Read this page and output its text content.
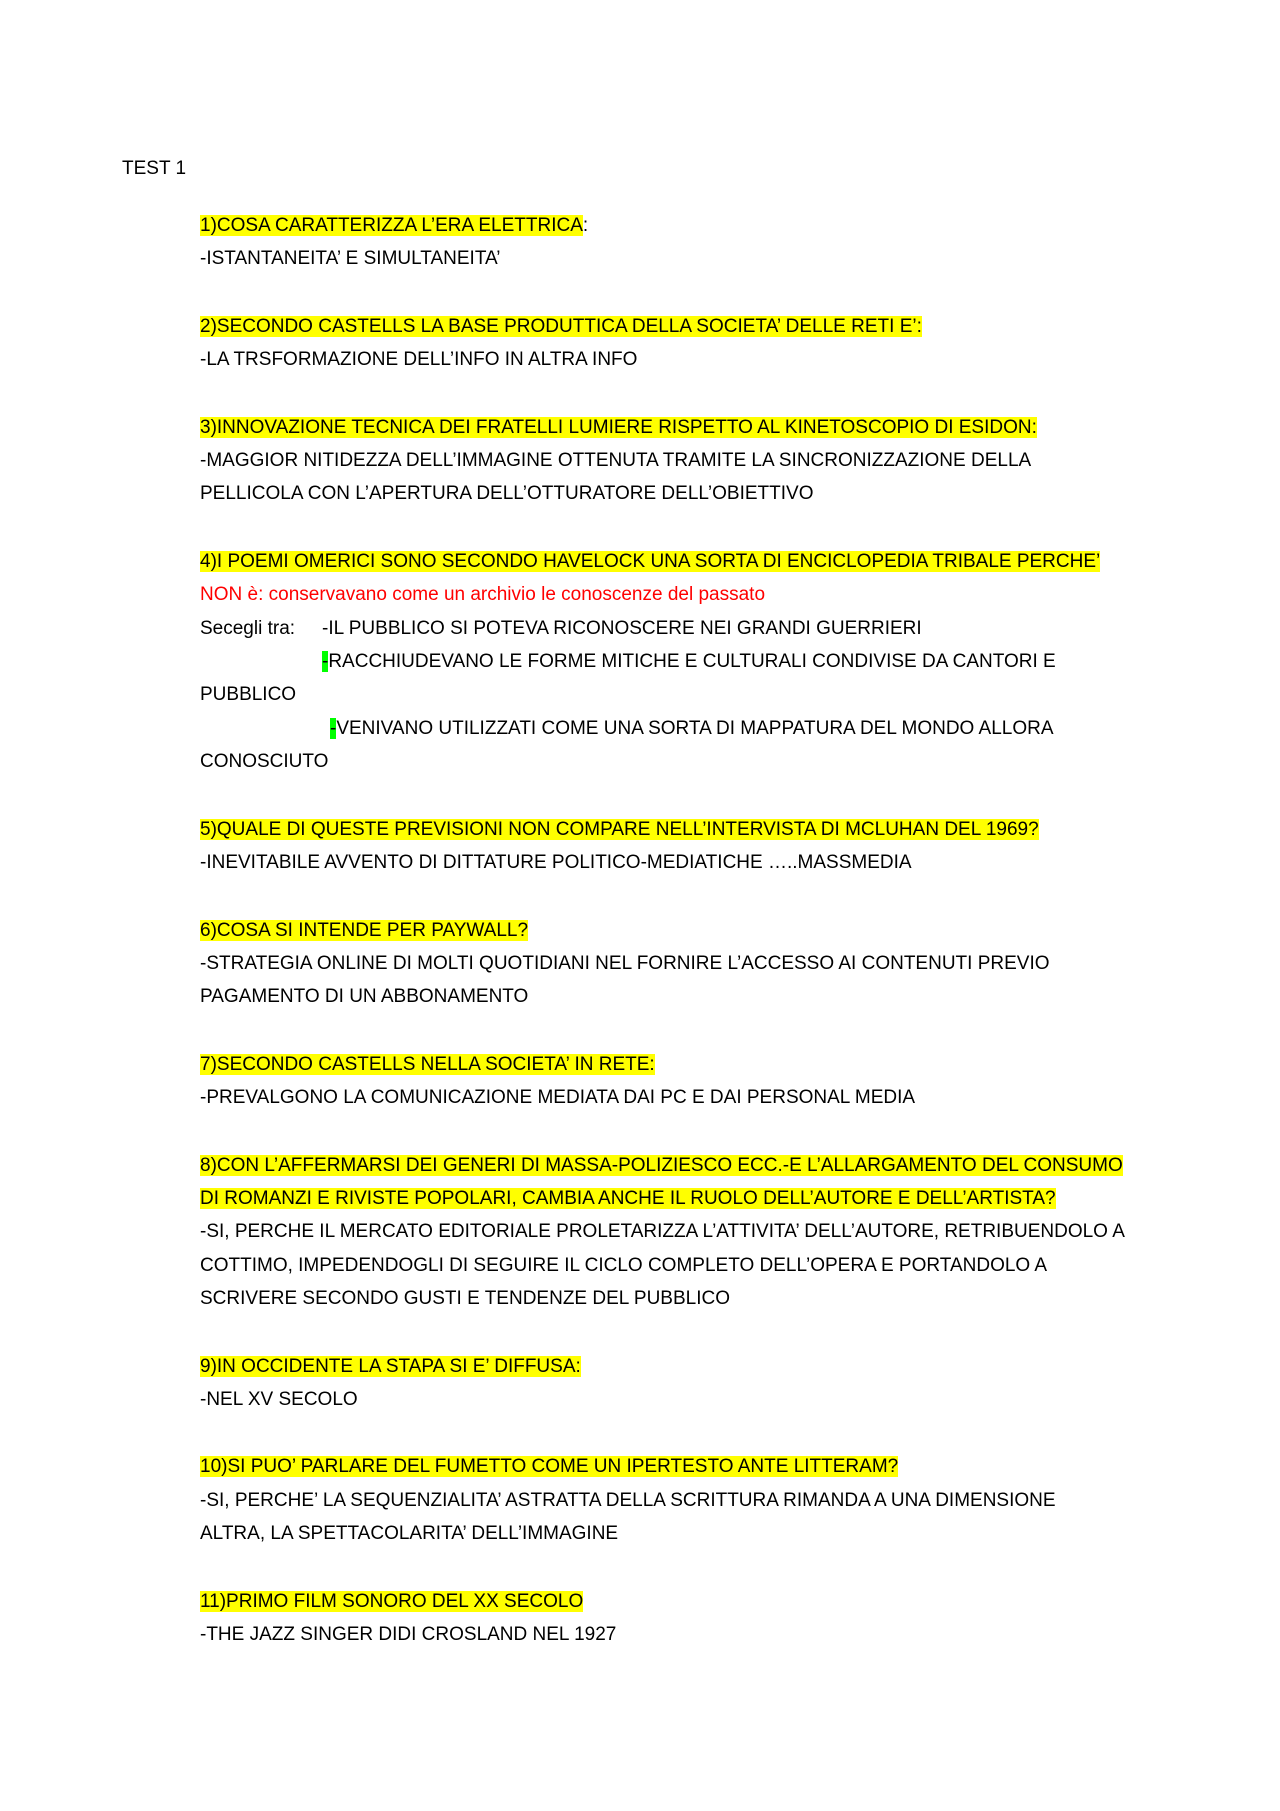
TEST 1
1)COSA CARATTERIZZA L’ERA ELETTRICA:
-ISTANTANEITA’ E SIMULTANEITA’
2)SECONDO CASTELLS LA BASE PRODUTTICA DELLA SOCIETA’ DELLE RETI E’:
-LA TRSFORMAZIONE DELL’INFO IN ALTRA INFO
3)INNOVAZIONE TECNICA DEI FRATELLI LUMIERE RISPETTO AL KINETOSCOPIO DI ESIDON:
-MAGGIOR NITIDEZZA DELL’IMMAGINE OTTENUTA TRAMITE LA SINCRONIZZAZIONE DELLA
PELLICOLA CON L’APERTURA DELL’OTTURATORE DELL’OBIETTIVO
4)I POEMI OMERICI SONO SECONDO HAVELOCK UNA SORTA DI ENCICLOPEDIA TRIBALE PERCHE’
NON è: conservavano come un archivio le conoscenze del passato
Secegli tra: -IL PUBBLICO SI POTEVA RICONOSCERE NEI GRANDI GUERRIERI
-RACCHIUDEVANO LE FORME MITICHE E CULTURALI CONDIVISE DA CANTORI E
PUBBLICO
-VENIVANO UTILIZZATI COME UNA SORTA DI MAPPATURA DEL MONDO ALLORA
CONOSCIUTO
5)QUALE DI QUESTE PREVISIONI NON COMPARE NELL’INTERVISTA DI MCLUHAN DEL 1969?
-INEVITABILE AVVENTO DI DITTATURE POLITICO-MEDIATICHE …..MASSMEDIA
6)COSA SI INTENDE PER PAYWALL?
-STRATEGIA ONLINE DI MOLTI QUOTIDIANI NEL FORNIRE L’ACCESSO AI CONTENUTI PREVIO
PAGAMENTO DI UN ABBONAMENTO
7)SECONDO CASTELLS NELLA SOCIETA’ IN RETE:
-PREVALGONO LA COMUNICAZIONE MEDIATA DAI PC E DAI PERSONAL MEDIA
8)CON L’AFFERMARSI DEI GENERI DI MASSA-POLIZIESCO ECC.-E L’ALLARGAMENTO DEL CONSUMO
DI ROMANZI E RIVISTE POPOLARI, CAMBIA ANCHE IL RUOLO DELL’AUTORE E DELL’ARTISTA?
-SI, PERCHE IL MERCATO EDITORIALE PROLETARIZZA L’ATTIVITA’ DELL’AUTORE, RETRIBUENDOLO A
COTTIMO, IMPEDENDOGLI DI SEGUIRE IL CICLO COMPLETO DELL’OPERA E PORTANDOLO A
SCRIVERE SECONDO GUSTI E TENDENZE DEL PUBBLICO
9)IN OCCIDENTE LA STAPA SI E’ DIFFUSA:
-NEL XV SECOLO
10)SI PUO’ PARLARE DEL FUMETTO COME UN IPERTESTO ANTE LITTERAM?
-SI, PERCHE’ LA SEQUENZIALITA’ ASTRATTA DELLA SCRITTURA RIMANDA A UNA DIMENSIONE
ALTRA, LA SPETTACOLARITA’ DELL’IMMAGINE
11)PRIMO FILM SONORO DEL XX SECOLO
-THE JAZZ SINGER DIDI CROSLAND NEL 1927
